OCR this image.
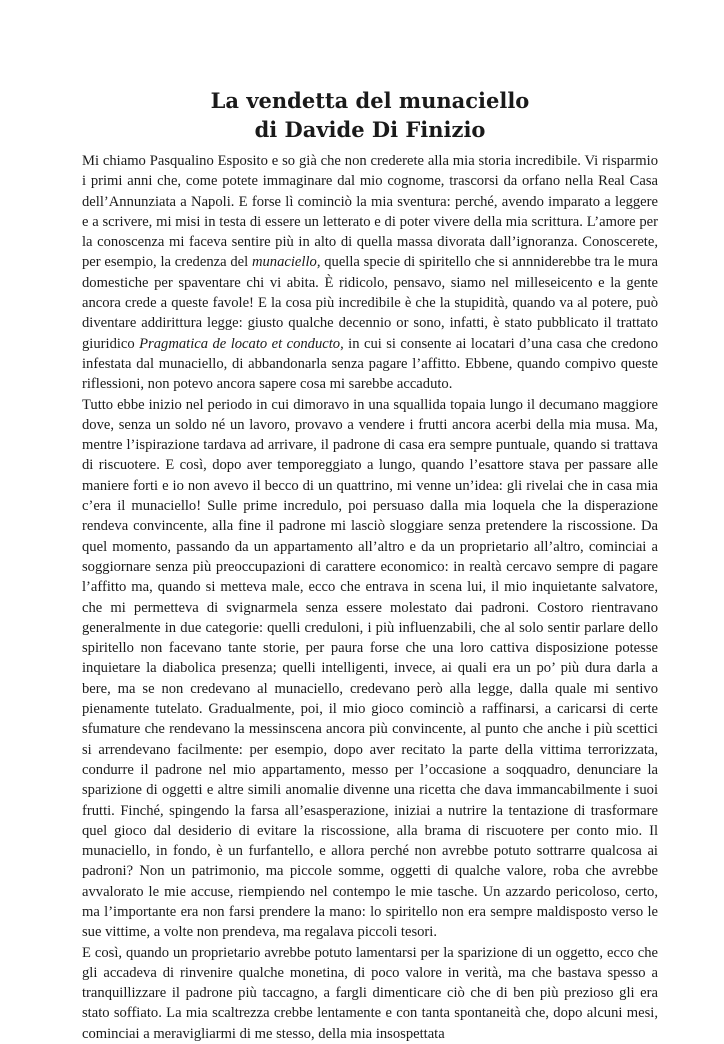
La vendetta del munaciello
di Davide Di Finizio

Mi chiamo Pasqualino Esposito e so già che non crederete alla mia storia incredibile. Vi risparmio i primi anni che, come potete immaginare dal mio cognome, trascorsi da orfano nella Real Casa dell’Annunziata a Napoli. E forse lì cominciò la mia sventura: perché, avendo imparato a leggere e a scrivere, mi misi in testa di essere un letterato e di poter vivere della mia scrittura. L’amore per la conoscenza mi faceva sentire più in alto di quella massa divorata dall’ignoranza. Conoscerete, per esempio, la credenza del munaciello, quella specie di spiritello che si annniderebbe tra le mura domestiche per spaventare chi vi abita. È ridicolo, pensavo, siamo nel milleseicento e la gente ancora crede a queste favole! E la cosa più incredibile è che la stupidità, quando va al potere, può diventare addirittura legge: giusto qualche decennio or sono, infatti, è stato pubblicato il trattato giuridico Pragmatica de locato et conducto, in cui si consente ai locatari d’una casa che credono infestata dal munaciello, di abbandonarla senza pagare l’affitto. Ebbene, quando compivo queste riflessioni, non potevo ancora sapere cosa mi sarebbe accaduto.

Tutto ebbe inizio nel periodo in cui dimoravo in una squallida topaia lungo il decumano maggiore dove, senza un soldo né un lavoro, provavo a vendere i frutti ancora acerbi della mia musa. Ma, mentre l’ispirazione tardava ad arrivare, il padrone di casa era sempre puntuale, quando si trattava di riscuotere. E così, dopo aver temporeggiato a lungo, quando l’esattore stava per passare alle maniere forti e io non avevo il becco di un quattrino, mi venne un’idea: gli rivelai che in casa mia c’era il munaciello! Sulle prime incredulo, poi persuaso dalla mia loquela che la disperazione rendeva convincente, alla fine il padrone mi lasciò sloggiare senza pretendere la riscossione. Da quel momento, passando da un appartamento all’altro e da un proprietario all’altro, cominciai a soggiornare senza più preoccupazioni di carattere economico: in realtà cercavo sempre di pagare l’affitto ma, quando si metteva male, ecco che entrava in scena lui, il mio inquietante salvatore, che mi permetteva di svignarmela senza essere molestato dai padroni. Costoro rientravano generalmente in due categorie: quelli creduloni, i più influenzabili, che al solo sentir parlare dello spiritello non facevano tante storie, per paura forse che una loro cattiva disposizione potesse inquietare la diabolica presenza; quelli intelligenti, invece, ai quali era un po’ più dura darla a bere, ma se non credevano al munaciello, credevano però alla legge, dalla quale mi sentivo pienamente tutelato. Gradualmente, poi, il mio gioco cominciò a raffinarsi, a caricarsi di certe sfumature che rendevano la messinscena ancora più convincente, al punto che anche i più scettici si arrendevano facilmente: per esempio, dopo aver recitato la parte della vittima terrorizzata, condurre il padrone nel mio appartamento, messo per l’occasione a soqquadro, denunciare la sparizione di oggetti e altre simili anomalie divenne una ricetta che dava immancabilmente i suoi frutti. Finché, spingendo la farsa all’esasperazione, iniziai a nutrire la tentazione di trasformare quel gioco dal desiderio di evitare la riscossione, alla brama di riscuotere per conto mio. Il munaciello, in fondo, è un furfantello, e allora perché non avrebbe potuto sottrarre qualcosa ai padroni? Non un patrimonio, ma piccole somme, oggetti di qualche valore, roba che avrebbe avvalorato le mie accuse, riempiendo nel contempo le mie tasche. Un azzardo pericoloso, certo, ma l’importante era non farsi prendere la mano: lo spiritello non era sempre maldisposto verso le sue vittime, a volte non prendeva, ma regalava piccoli tesori.

E così, quando un proprietario avrebbe potuto lamentarsi per la sparizione di un oggetto, ecco che gli accadeva di rinvenire qualche monetina, di poco valore in verità, ma che bastava spesso a tranquillizzare il padrone più taccagno, a fargli dimenticare ciò che di ben più prezioso gli era stato soffiato. La mia scaltrezza crebbe lentamente e con tanta spontaneità che, dopo alcuni mesi, cominciai a meravigliarmi di me stesso, della mia insospettata
